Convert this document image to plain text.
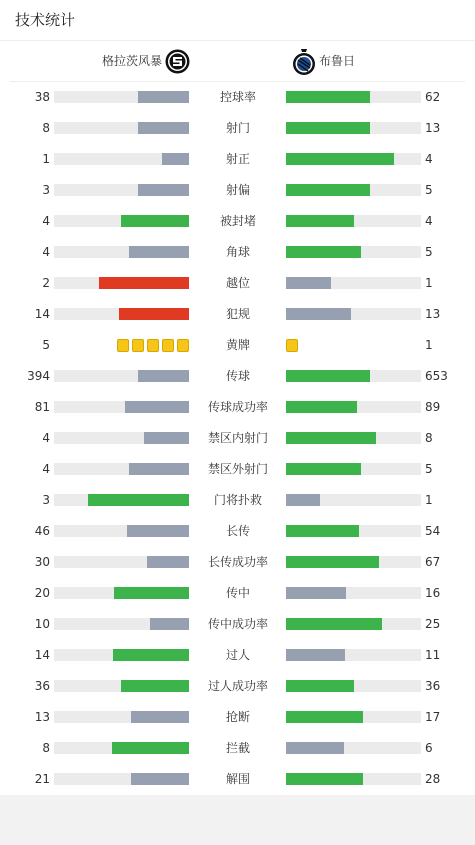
技术统计
格拉茨风暴	布鲁日
38	控球率	62
8	射门	13
1	射正	4
3	射偏	5
4	被封堵	4
4	角球	5
2	越位	1
14	犯规	13
5	黄牌	1
394	传球	653
81	传球成功率	89
4	禁区内射门	8
4	禁区外射门	5
3	门将扑救	1
46	长传	54
30	长传成功率	67
20	传中	16
10	传中成功率	25
14	过人	11
36	过人成功率	36
13	抢断	17
8	拦截	6
21	解围	28
